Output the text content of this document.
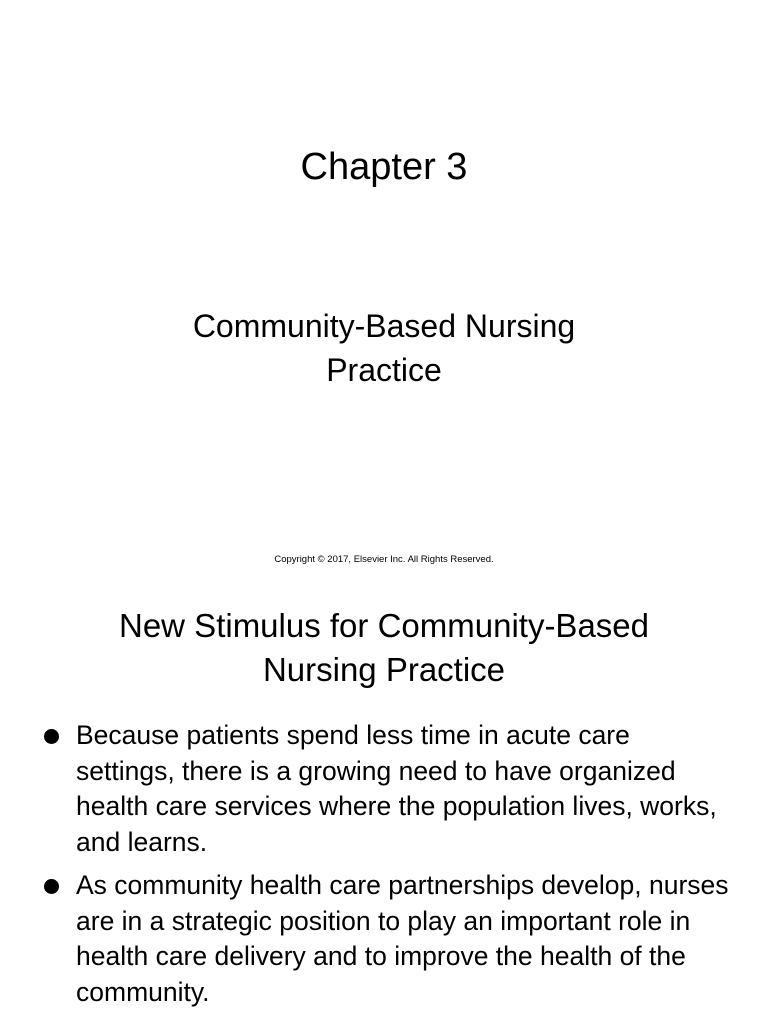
Chapter 3
Community-Based Nursing
Practice
Copyright © 2017, Elsevier Inc. All Rights Reserved.
New Stimulus for Community-Based
Nursing Practice
Because patients spend less time in acute care settings, there is a growing need to have organized health care services where the population lives, works, and learns.
As community health care partnerships develop, nurses are in a strategic position to play an important role in health care delivery and to improve the health of the community.
